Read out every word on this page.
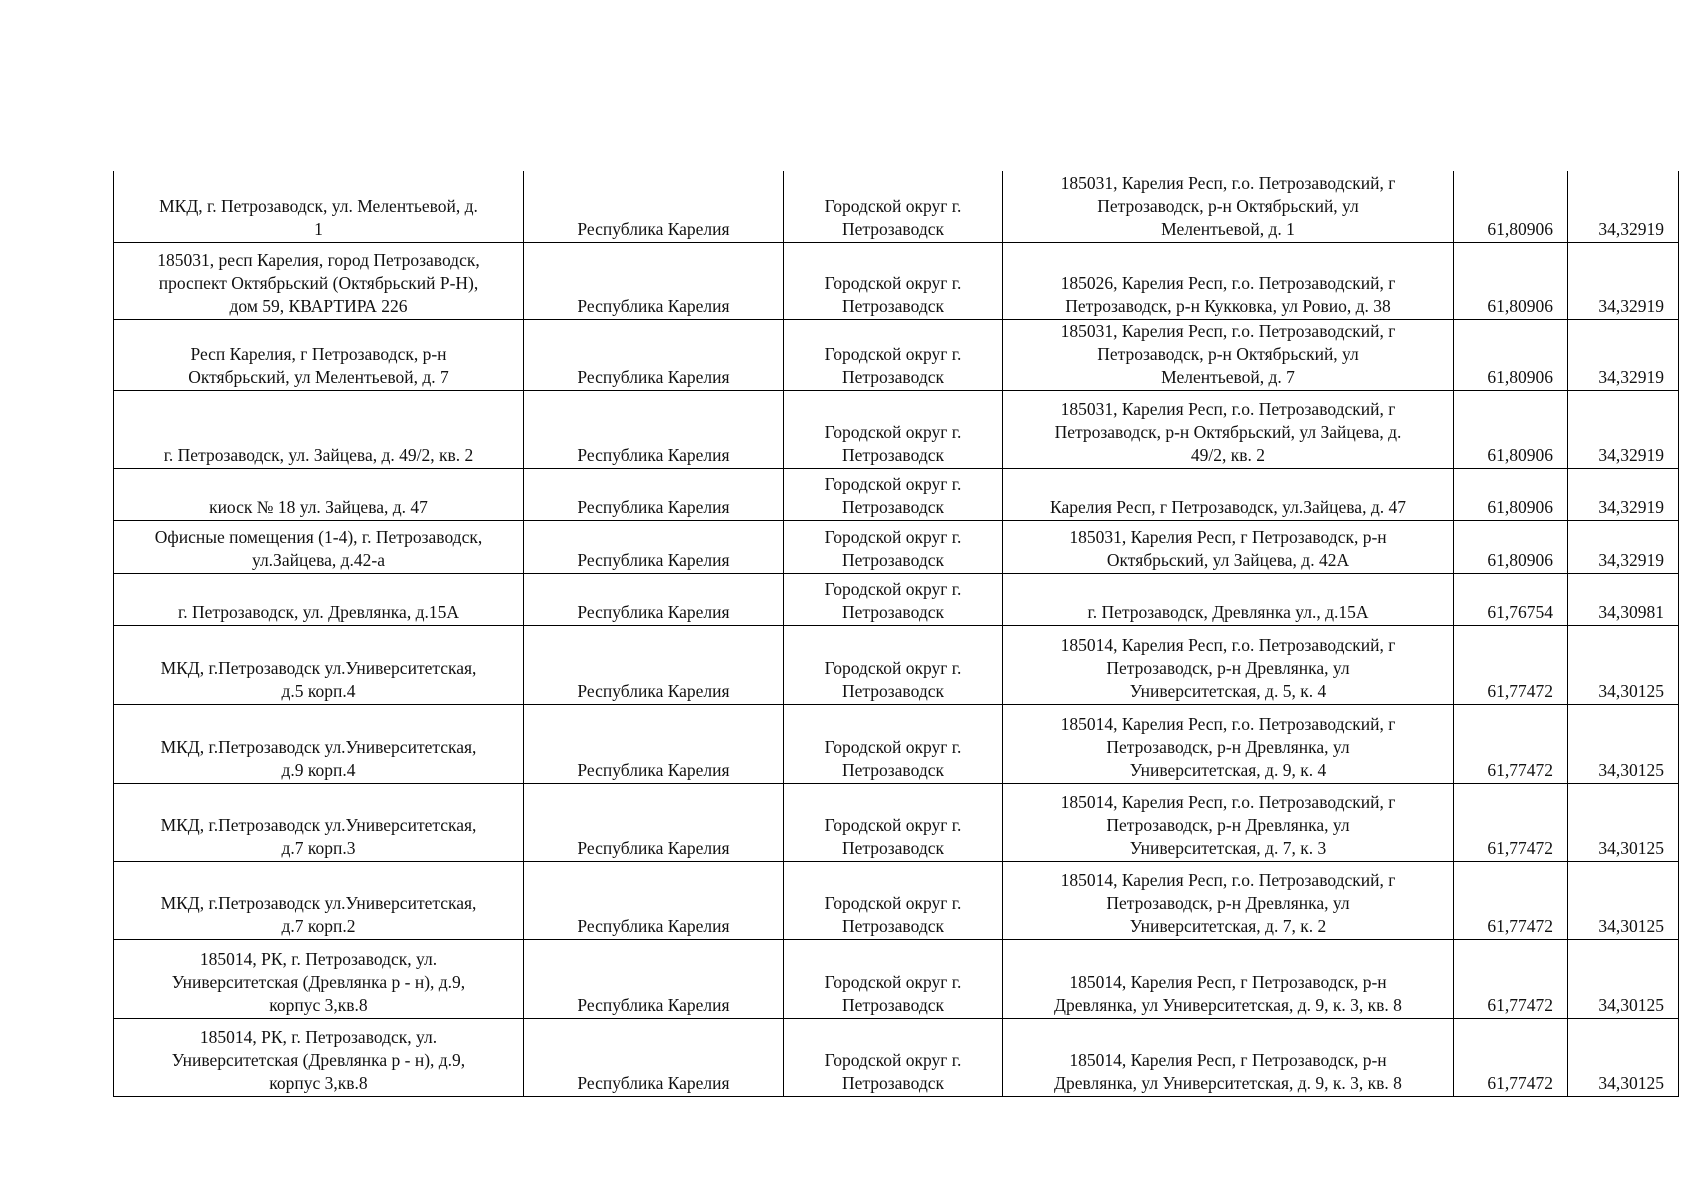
МКД, г. Петрозаводск, ул. Мелентьевой, д.
1	Республика Карелия	Городской округ г.
Петрозаводск	185031, Карелия Респ, г.о. Петрозаводский, г
Петрозаводск, р-н Октябрьский, ул
Мелентьевой, д. 1	61,80906	34,32919
185031, респ Карелия, город Петрозаводск,
проспект Октябрьский (Октябрьский Р-Н),
дом 59, КВАРТИРА 226	Республика Карелия	Городской округ г.
Петрозаводск	185026, Карелия Респ, г.о. Петрозаводский, г
Петрозаводск, р-н Кукковка, ул Ровио, д. 38	61,80906	34,32919
Респ Карелия, г Петрозаводск, р-н
Октябрьский, ул Мелентьевой, д. 7	Республика Карелия	Городской округ г.
Петрозаводск	185031, Карелия Респ, г.о. Петрозаводский, г
Петрозаводск, р-н Октябрьский, ул
Мелентьевой, д. 7	61,80906	34,32919
г. Петрозаводск, ул. Зайцева, д. 49/2, кв. 2	Республика Карелия	Городской округ г.
Петрозаводск	185031, Карелия Респ, г.о. Петрозаводский, г
Петрозаводск, р-н Октябрьский, ул Зайцева, д.
49/2, кв. 2	61,80906	34,32919
киоск № 18 ул. Зайцева, д. 47	Республика Карелия	Городской округ г.
Петрозаводск	Карелия Респ, г Петрозаводск, ул.Зайцева, д. 47	61,80906	34,32919
Офисные помещения (1-4), г. Петрозаводск,
ул.Зайцева, д.42-а	Республика Карелия	Городской округ г.
Петрозаводск	185031, Карелия Респ, г Петрозаводск, р-н
Октябрьский, ул Зайцева, д. 42А	61,80906	34,32919
г. Петрозаводск, ул. Древлянка, д.15А	Республика Карелия	Городской округ г.
Петрозаводск	г. Петрозаводск, Древлянка ул., д.15А	61,76754	34,30981
МКД, г.Петрозаводск ул.Университетская,
д.5 корп.4	Республика Карелия	Городской округ г.
Петрозаводск	185014, Карелия Респ, г.о. Петрозаводский, г
Петрозаводск, р-н Древлянка, ул
Университетская, д. 5, к. 4	61,77472	34,30125
МКД, г.Петрозаводск ул.Университетская,
д.9 корп.4	Республика Карелия	Городской округ г.
Петрозаводск	185014, Карелия Респ, г.о. Петрозаводский, г
Петрозаводск, р-н Древлянка, ул
Университетская, д. 9, к. 4	61,77472	34,30125
МКД, г.Петрозаводск ул.Университетская,
д.7 корп.3	Республика Карелия	Городской округ г.
Петрозаводск	185014, Карелия Респ, г.о. Петрозаводский, г
Петрозаводск, р-н Древлянка, ул
Университетская, д. 7, к. 3	61,77472	34,30125
МКД, г.Петрозаводск ул.Университетская,
д.7 корп.2	Республика Карелия	Городской округ г.
Петрозаводск	185014, Карелия Респ, г.о. Петрозаводский, г
Петрозаводск, р-н Древлянка, ул
Университетская, д. 7, к. 2	61,77472	34,30125
185014, РК, г. Петрозаводск, ул.
Университетская (Древлянка р - н), д.9,
корпус 3,кв.8	Республика Карелия	Городской округ г.
Петрозаводск	185014, Карелия Респ, г Петрозаводск, р-н
Древлянка, ул Университетская, д. 9, к. 3, кв. 8	61,77472	34,30125
185014, РК, г. Петрозаводск, ул.
Университетская (Древлянка р - н), д.9,
корпус 3,кв.8	Республика Карелия	Городской округ г.
Петрозаводск	185014, Карелия Респ, г Петрозаводск, р-н
Древлянка, ул Университетская, д. 9, к. 3, кв. 8	61,77472	34,30125
